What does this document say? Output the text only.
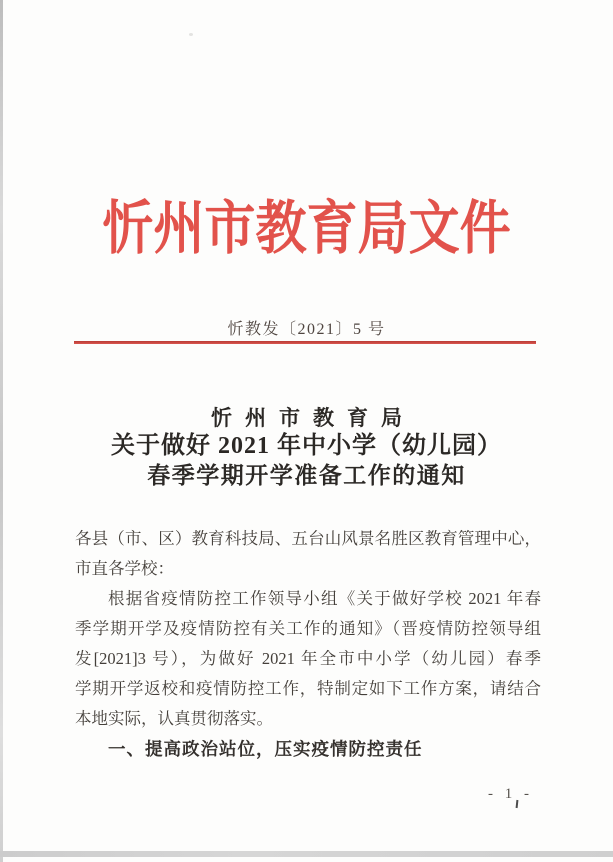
忻州市教育局文件
忻教发〔2021〕5 号
忻州市教育局
关于做好 2021 年中小学（幼儿园）
春季学期开学准备工作的通知
各县（市、区）教育科技局、五台山风景名胜区教育管理中心，
市直各学校：
根据省疫情防控工作领导小组《关于做好学校 2021 年春
季学期开学及疫情防控有关工作的通知》（晋疫情防控领导组
发[2021]3 号），为做好 2021 年全市中小学（幼儿园）春季
学期开学返校和疫情防控工作，特制定如下工作方案，请结合
本地实际，认真贯彻落实。
一、提高政治站位，压实疫情防控责任
- 1 -
